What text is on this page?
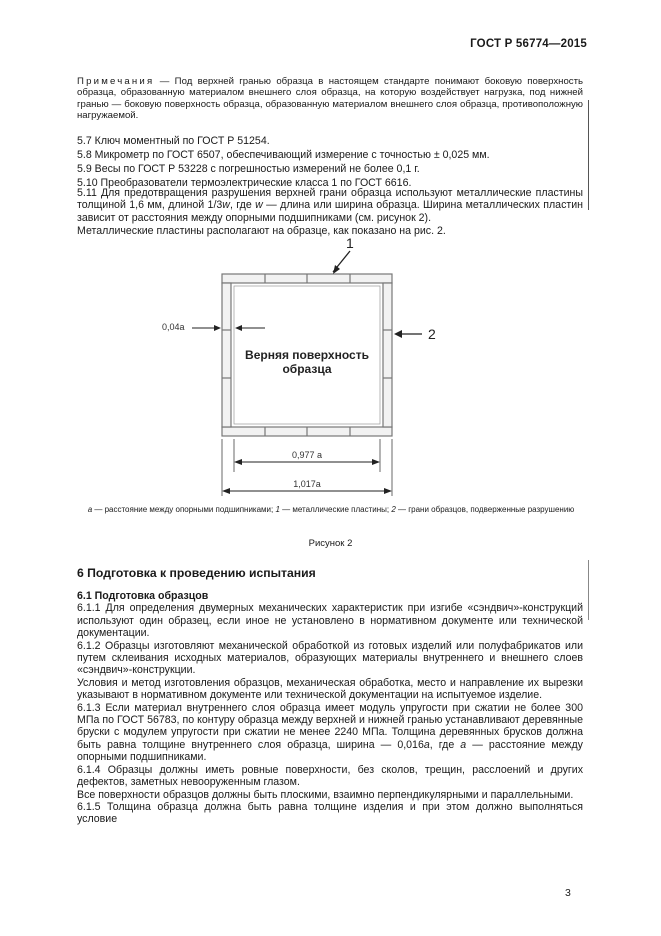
ГОСТ Р 56774—2015

Примечания — Под верхней гранью образца в настоящем стандарте понимают боковую поверхность образца, образованную материалом внешнего слоя образца, на которую воздействует нагрузка, под нижней гранью — боковую поверхность образца, образованную материалом внешнего слоя образца, противоположную нагружаемой.

5.7 Ключ моментный по ГОСТ Р 51254.

5.8 Микрометр по ГОСТ 6507, обеспечивающий измерение с точностью ± 0,025 мм.

5.9 Весы по ГОСТ Р 53228 с погрешностью измерений не более 0,1 г.

5.10 Преобразователи термоэлектрические класса 1 по ГОСТ 6616.

5.11 Для предотвращения разрушения верхней грани образца используют металлические пластины толщиной 1,6 мм, длиной 1/3w, где w — длина или ширина образца. Ширина металлических пластин зависит от расстояния между опорными подшипниками (см. рисунок 2).

Металлические пластины располагают на образце, как показано на рис. 2.
1
2
0,04a
0,977 a
1,017a
Верняя поверхность образца
a — расстояние между опорными подшипниками; 1 — металлические пластины; 2 — грани образцов, подверженные разрушению
Рисунок 2
6 Подготовка к проведению испытания

6.1 Подготовка образцов

6.1.1 Для определения двумерных механических характеристик при изгибе «сэндвич»-конструкций используют один образец, если иное не установлено в нормативном документе или технической документации.

6.1.2 Образцы изготовляют механической обработкой из готовых изделий или полуфабрикатов или путем склеивания исходных материалов, образующих материалы внутреннего и внешнего слоев «сэндвич»-конструкции.

Условия и метод изготовления образцов, механическая обработка, место и направление их вырезки указывают в нормативном документе или технической документации на испытуемое изделие.

6.1.3 Если материал внутреннего слоя образца имеет модуль упругости при сжатии не более 300 МПа по ГОСТ 56783, по контуру образца между верхней и нижней гранью устанавливают деревянные бруски с модулем упругости при сжатии не менее 2240 МПа. Толщина деревянных брусков должна быть равна толщине внутреннего слоя образца, ширина — 0,016a, где a — расстояние между опорными подшипниками.

6.1.4 Образцы должны иметь ровные поверхности, без сколов, трещин, расслоений и других дефектов, заметных невооруженным глазом.

Все поверхности образцов должны быть плоскими, взаимно перпендикулярными и параллельными.

6.1.5 Толщина образца должна быть равна толщине изделия и при этом должно выполняться условие

3
